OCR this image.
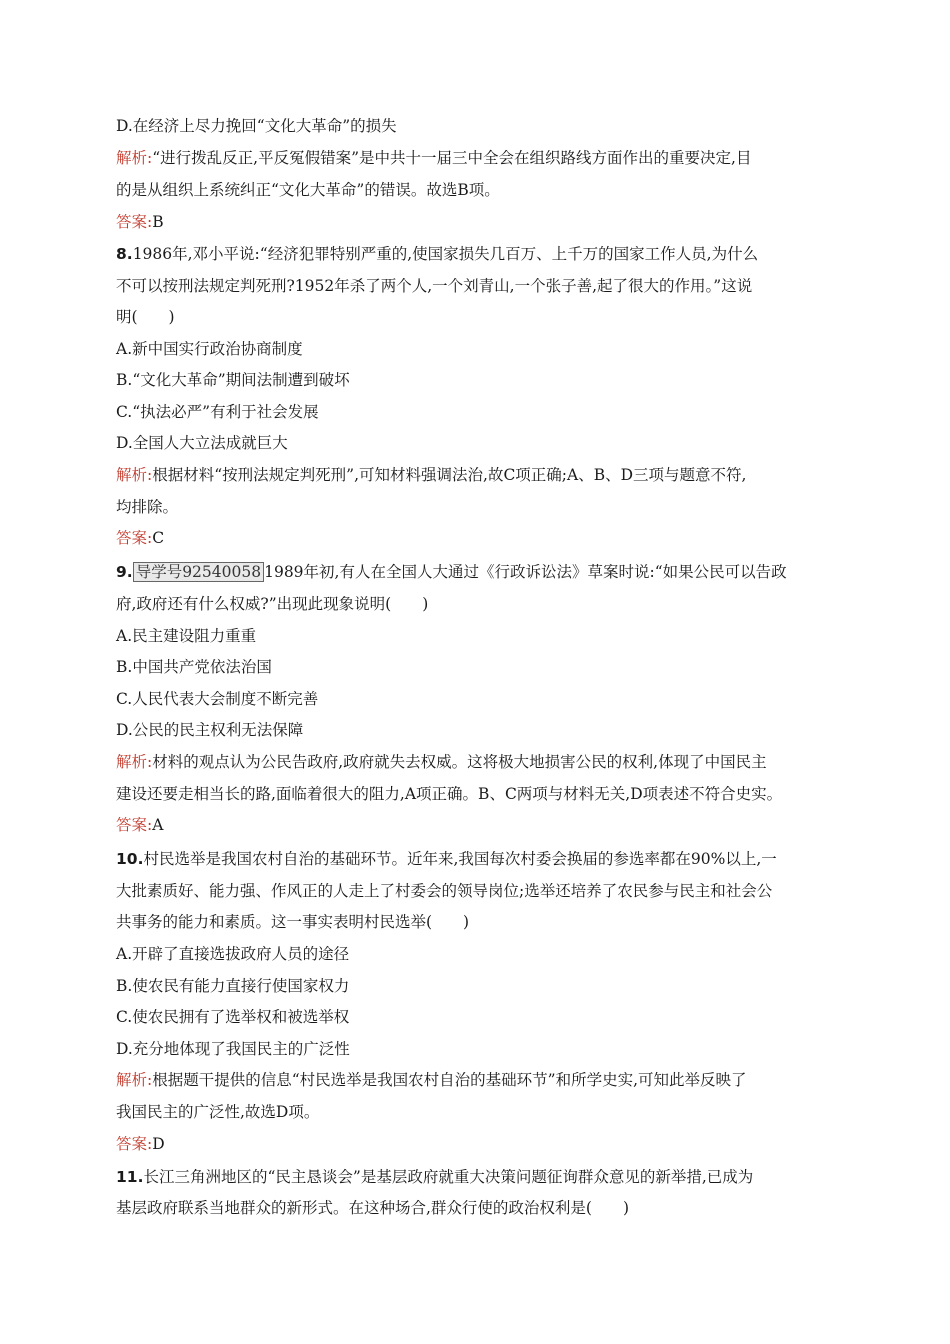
D.在经济上尽力挽回“文化大革命”的损失
解析:“进行拨乱反正,平反冤假错案”是中共十一届三中全会在组织路线方面作出的重要决定,目
的是从组织上系统纠正“文化大革命”的错误。故选B项。
答案:B
8.1986年,邓小平说:“经济犯罪特别严重的,使国家损失几百万、上千万的国家工作人员,为什么
不可以按刑法规定判死刑?1952年杀了两个人,一个刘青山,一个张子善,起了很大的作用。”这说
明(　　)
A.新中国实行政治协商制度
B.“文化大革命”期间法制遭到破坏
C.“执法必严”有利于社会发展
D.全国人大立法成就巨大
解析:根据材料“按刑法规定判死刑”,可知材料强调法治,故C项正确;A、B、D三项与题意不符,
均排除。
答案:C
9. 导学号92540058 1989年初,有人在全国人大通过《行政诉讼法》草案时说:“如果公民可以告政
府,政府还有什么权威?”出现此现象说明(　　)
A.民主建设阻力重重
B.中国共产党依法治国
C.人民代表大会制度不断完善
D.公民的民主权利无法保障
解析:材料的观点认为公民告政府,政府就失去权威。这将极大地损害公民的权利,体现了中国民主
建设还要走相当长的路,面临着很大的阻力,A项正确。B、C两项与材料无关,D项表述不符合史实。
答案:A
10.村民选举是我国农村自治的基础环节。近年来,我国每次村委会换届的参选率都在90%以上,一
大批素质好、能力强、作风正的人走上了村委会的领导岗位;选举还培养了农民参与民主和社会公
共事务的能力和素质。这一事实表明村民选举(　　)
A.开辟了直接选拔政府人员的途径
B.使农民有能力直接行使国家权力
C.使农民拥有了选举权和被选举权
D.充分地体现了我国民主的广泛性
解析:根据题干提供的信息“村民选举是我国农村自治的基础环节”和所学史实,可知此举反映了
我国民主的广泛性,故选D项。
答案:D
11.长江三角洲地区的“民主恳谈会”是基层政府就重大决策问题征询群众意见的新举措,已成为
基层政府联系当地群众的新形式。在这种场合,群众行使的政治权利是(　　)
